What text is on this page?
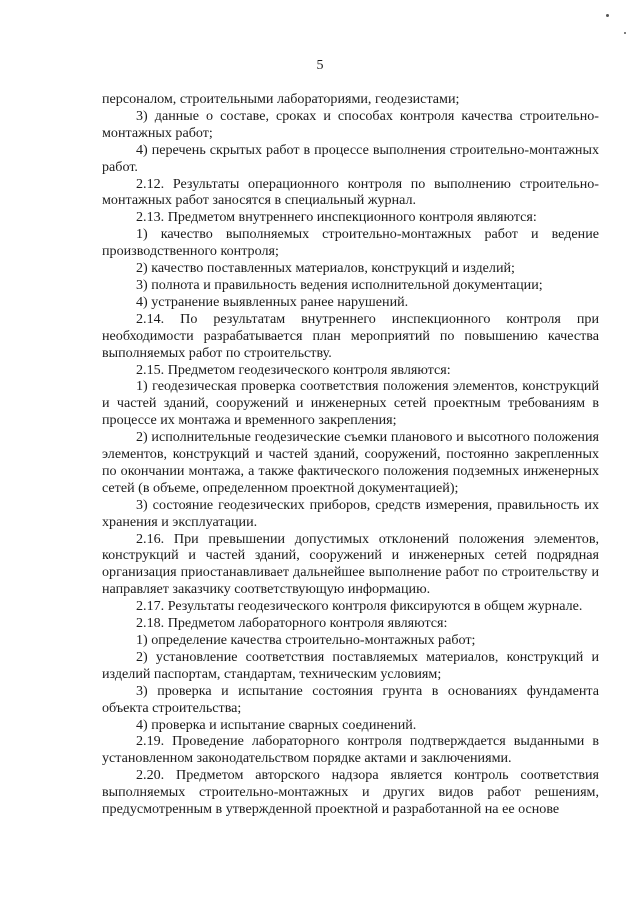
5

персоналом, строительными лабораториями, геодезистами;

3) данные о составе, сроках и способах контроля качества строительно-монтажных работ;

4) перечень скрытых работ в процессе выполнения строительно-монтажных работ.

2.12. Результаты операционного контроля по выполнению строительно-монтажных работ заносятся в специальный журнал.

2.13. Предметом внутреннего инспекционного контроля являются:

1) качество выполняемых строительно-монтажных работ и ведение производственного контроля;

2) качество поставленных материалов, конструкций и изделий;

3) полнота и правильность ведения исполнительной документации;

4) устранение выявленных ранее нарушений.

2.14. По результатам внутреннего инспекционного контроля при необходимости разрабатывается план мероприятий по повышению качества выполняемых работ по строительству.

2.15. Предметом геодезического контроля являются:

1) геодезическая проверка соответствия положения элементов, конструкций и частей зданий, сооружений и инженерных сетей проектным требованиям в процессе их монтажа и временного закрепления;

2) исполнительные геодезические съемки планового и высотного положения элементов, конструкций и частей зданий, сооружений, постоянно закрепленных по окончании монтажа, а также фактического положения подземных инженерных сетей (в объеме, определенном проектной документацией);

3) состояние геодезических приборов, средств измерения, правильность их хранения и эксплуатации.

2.16. При превышении допустимых отклонений положения элементов, конструкций и частей зданий, сооружений и инженерных сетей подрядная организация приостанавливает дальнейшее выполнение работ по строительству и направляет заказчику соответствующую информацию.

2.17. Результаты геодезического контроля фиксируются в общем журнале.

2.18. Предметом лабораторного контроля являются:

1) определение качества строительно-монтажных работ;

2) установление соответствия поставляемых материалов, конструкций и изделий паспортам, стандартам, техническим условиям;

3) проверка и испытание состояния грунта в основаниях фундамента объекта строительства;

4) проверка и испытание сварных соединений.

2.19. Проведение лабораторного контроля подтверждается выданными в установленном законодательством порядке актами и заключениями.

2.20. Предметом авторского надзора является контроль соответствия выполняемых строительно-монтажных и других видов работ решениям, предусмотренным в утвержденной проектной и разработанной на ее основе
